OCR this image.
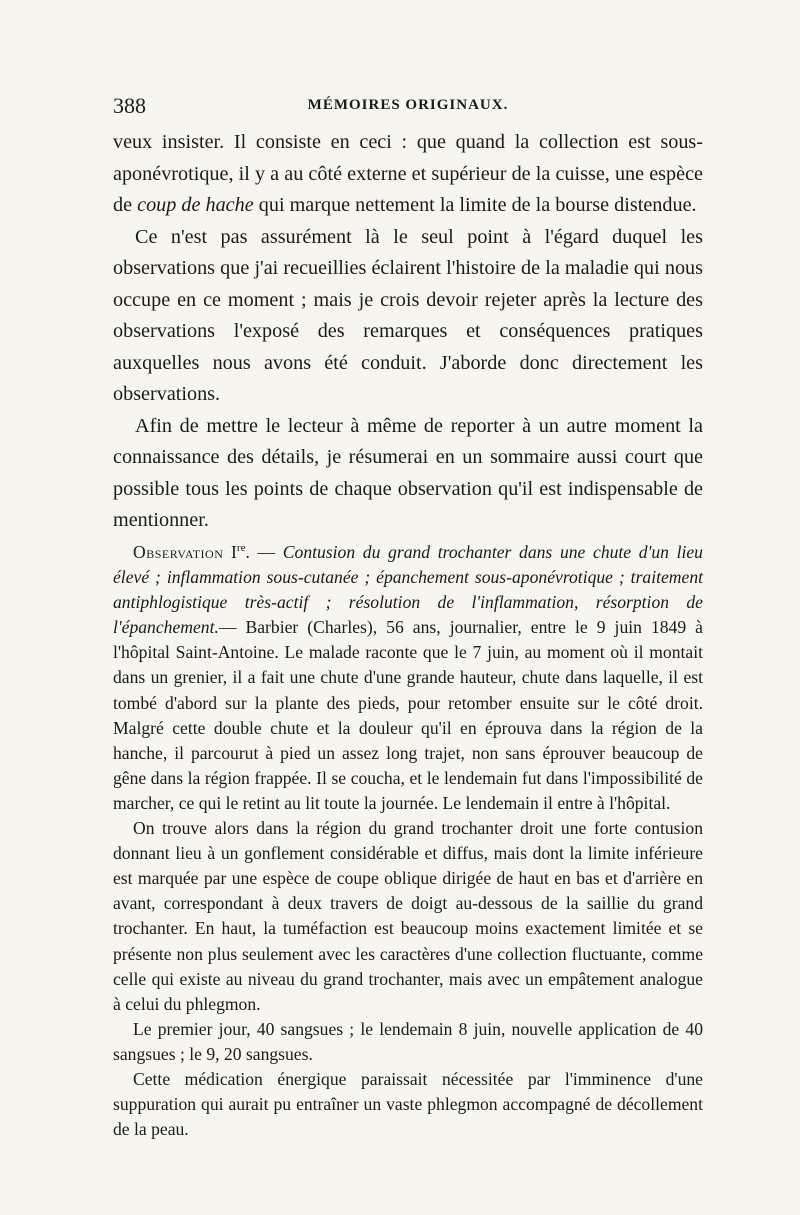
388	MÉMOIRES ORIGINAUX.

veux insister. Il consiste en ceci : que quand la collection est sous-aponévrotique, il y a au côté externe et supérieur de la cuisse, une espèce de coup de hache qui marque nettement la limite de la bourse distendue.

Ce n'est pas assurément là le seul point à l'égard duquel les observations que j'ai recueillies éclairent l'histoire de la maladie qui nous occupe en ce moment ; mais je crois devoir rejeter après la lecture des observations l'exposé des remarques et conséquences pratiques auxquelles nous avons été conduit. J'aborde donc directement les observations.

Afin de mettre le lecteur à même de reporter à un autre moment la connaissance des détails, je résumerai en un sommaire aussi court que possible tous les points de chaque observation qu'il est indispensable de mentionner.

Observation Ire. — Contusion du grand trochanter dans une chute d'un lieu élevé ; inflammation sous-cutanée ; épanchement sous-aponévrotique ; traitement antiphlogistique très-actif ; résolution de l'inflammation, résorption de l'épanchement.— Barbier (Charles), 56 ans, journalier, entre le 9 juin 1849 à l'hôpital Saint-Antoine. Le malade raconte que le 7 juin, au moment où il montait dans un grenier, il a fait une chute d'une grande hauteur, chute dans laquelle, il est tombé d'abord sur la plante des pieds, pour retomber ensuite sur le côté droit. Malgré cette double chute et la douleur qu'il en éprouva dans la région de la hanche, il parcourut à pied un assez long trajet, non sans éprouver beaucoup de gêne dans la région frappée. Il se coucha, et le lendemain fut dans l'impossibilité de marcher, ce qui le retint au lit toute la journée. Le lendemain il entre à l'hôpital.

On trouve alors dans la région du grand trochanter droit une forte contusion donnant lieu à un gonflement considérable et diffus, mais dont la limite inférieure est marquée par une espèce de coupe oblique dirigée de haut en bas et d'arrière en avant, correspondant à deux travers de doigt au-dessous de la saillie du grand trochanter. En haut, la tuméfaction est beaucoup moins exactement limitée et se présente non plus seulement avec les caractères d'une collection fluctuante, comme celle qui existe au niveau du grand trochanter, mais avec un empâtement analogue à celui du phlegmon.

Le premier jour, 40 sangsues ; le lendemain 8 juin, nouvelle application de 40 sangsues ; le 9, 20 sangsues.

Cette médication énergique paraissait nécessitée par l'imminence d'une suppuration qui aurait pu entraîner un vaste phlegmon accompagné de décollement de la peau.
